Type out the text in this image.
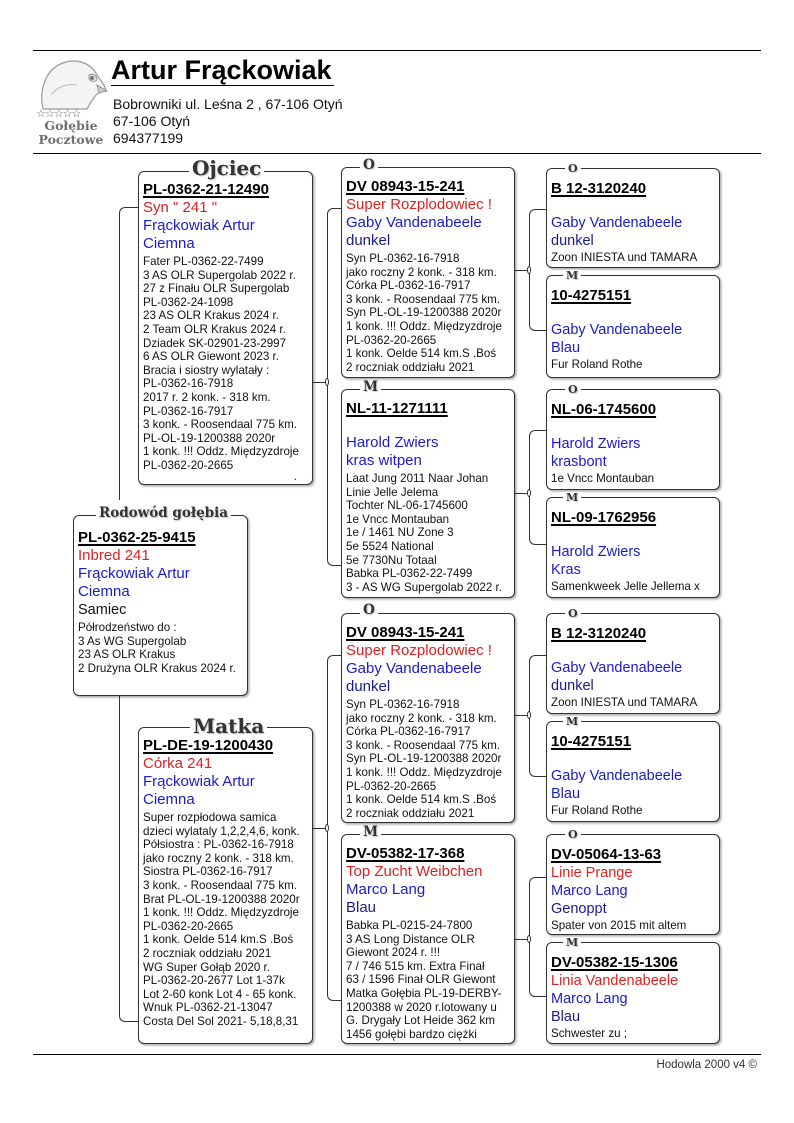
☆☆☆☆☆
Gołębie
Pocztowe
Artur Frąckowiak
Bobrowniki ul. Leśna 2 , 67-106 Otyń
67-106 Otyń
694377199
PL-0362-25-9415
Inbred 241
Frąckowiak Artur
Ciemna
Samiec
Półrodzeństwo do :
3 As WG Supergolab
23 AS OLR Krakus
2 Drużyna OLR Krakus 2024 r.
Rodowód gołębia
PL-0362-21-12490
Syn " 241 "
Frąckowiak Artur
Ciemna
Fater PL-0362-22-7499
3 AS OLR Supergolab 2022 r.
27 z Finału OLR Supergolab
PL-0362-24-1098
23 AS OLR Krakus 2024 r.
2 Team OLR Krakus 2024 r.
Dziadek SK-02901-23-2997
6 AS OLR Giewont 2023 r.
Bracia i siostry wylatały :
PL-0362-16-7918
2017 r. 2 konk. - 318 km.
PL-0362-16-7917
3 konk. - Roosendaal 775 km.
PL-OL-19-1200388 2020r
1 konk. !!! Oddz. Międzyzdroje
PL-0362-20-2665
.
Ojciec
PL-DE-19-1200430
Córka 241
Frąckowiak Artur
Ciemna
Super rozpłodowa samica
dzieci wylataly 1,2,2,4,6, konk.
Półsiostra : PL-0362-16-7918
jako roczny 2 konk. - 318 km.
Siostra PL-0362-16-7917
3 konk. - Roosendaal 775 km.
Brat PL-OL-19-1200388 2020r
1 konk. !!! Oddz. Międzyzdroje
PL-0362-20-2665
1 konk. Oelde 514 km.S .Boś
2 roczniak oddziału 2021
WG Super Gołąb 2020 r.
PL-0362-20-2677 Lot 1-37k
Lot 2-60 konk Lot 4 - 65 konk.
Wnuk PL-0362-21-13047
Costa Del Sol 2021- 5,18,8,31
Matka
DV 08943-15-241
Super Rozplodowiec !
Gaby Vandenabeele
dunkel
Syn PL-0362-16-7918
jako roczny 2 konk. - 318 km.
Córka PL-0362-16-7917
3 konk. - Roosendaal 775 km.
Syn PL-OL-19-1200388 2020r
1 konk. !!! Oddz. Międzyzdroje
PL-0362-20-2665
1 konk. Oelde 514 km.S .Boś
2 roczniak oddziału 2021
O
NL-11-1271111
Harold Zwiers
kras witpen
Laat Jung 2011 Naar Johan
Linie Jelle Jelema
Tochter NL-06-1745600
1e Vncc Montauban
1e / 1461 NU Zone 3
5e 5524 National
5e 7730Nu Totaal
Babka PL-0362-22-7499
3 - AS WG Supergolab 2022 r.
M
DV 08943-15-241
Super Rozplodowiec !
Gaby Vandenabeele
dunkel
Syn PL-0362-16-7918
jako roczny 2 konk. - 318 km.
Córka PL-0362-16-7917
3 konk. - Roosendaal 775 km.
Syn PL-OL-19-1200388 2020r
1 konk. !!! Oddz. Międzyzdroje
PL-0362-20-2665
1 konk. Oelde 514 km.S .Boś
2 roczniak oddziału 2021
O
DV-05382-17-368
Top Zucht Weibchen
Marco Lang
Blau
Babka PL-0215-24-7800
3 AS Long Distance OLR
Giewont 2024 r. !!!
7 / 746 515 km. Extra Finał
63 / 1596 Finał OLR Giewont
Matka Gołębia PL-19-DERBY-
1200388 w 2020 r.lotowany u
G. Drygały Lot Heide 362 km
1456 gołębi bardzo ciężki
M
B 12-3120240
Gaby Vandenabeele
dunkel
Zoon INIESTA und TAMARA
O
10-4275151
Gaby Vandenabeele
Blau
Fur Roland Rothe
M
NL-06-1745600
Harold Zwiers
krasbont
1e Vncc Montauban
O
NL-09-1762956
Harold Zwiers
Kras
Samenkweek Jelle Jellema x
M
B 12-3120240
Gaby Vandenabeele
dunkel
Zoon INIESTA und TAMARA
O
10-4275151
Gaby Vandenabeele
Blau
Fur Roland Rothe
M
DV-05064-13-63
Linie Prange
Marco Lang
Genoppt
Spater von 2015 mit altem
O
DV-05382-15-1306
Linia Vandenabeele
Marco Lang
Blau
Schwester zu ;
M
Hodowla 2000 v4 ©
